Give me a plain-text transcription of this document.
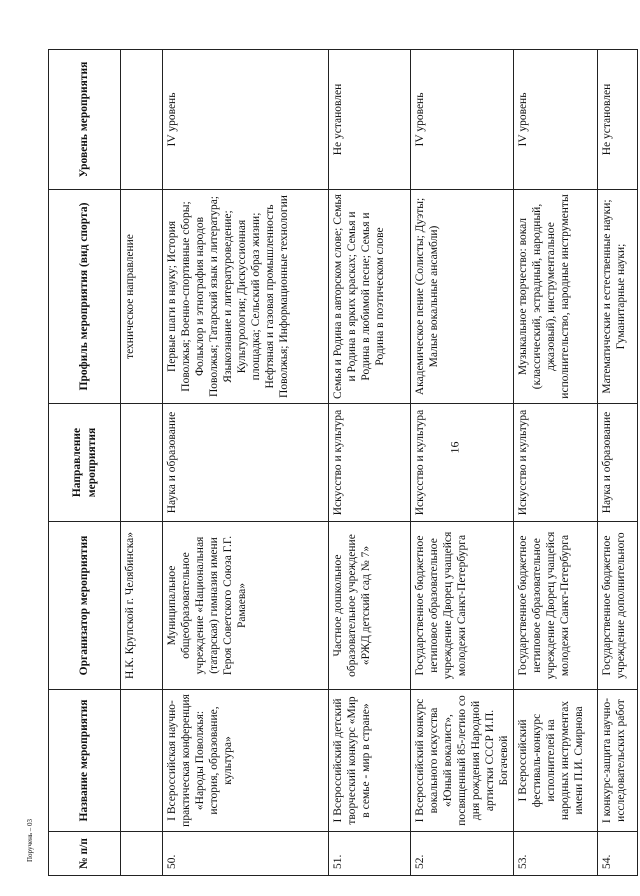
16
№ п/п	Название мероприятия	Организатор мероприятия	Направление мероприятия	Профиль мероприятия (вид спорта)	Уровень мероприятия
		Н.К. Крупской г. Челябинска»		техническое направление	
50.	I Всероссийская научно-практическая конференция «Народы Поволжья: история, образование, культура»	Муниципальное общеобразовательное учреждение «Национальная (татарская) гимназия имени Героя Советского Союза Г.Г. Рамаева»	Наука и образование	Первые шаги в науку; История Поволжья; Военно-спортивные сборы; Фольклор и этнография народов Поволжья; Татарский язык и литература; Языкознание и литературоведение; Культурология; Дискуссионная площадка; Сельский образ жизни; Нефтяная и газовая промышленность Поволжья; Информационные технологии	IV уровень
51.	I Всероссийский детский творческий конкурс «Мир в семье - мир в стране»	Частное дошкольное образовательное учреждение «РЖД детский сад № 7»	Искусство и культура	Семья и Родина в авторском слове; Семья и Родина в ярких красках; Семья и Родина в любимой песне; Семья и Родина в поэтическом слове	Не установлен
52.	I Всероссийский конкурс вокального искусства «Юный вокалист», посвященный 85-летию со дня рождения Народной артистки СССР И.П. Богачевой	Государственное бюджетное нетиповое образовательное учреждение Дворец учащейся молодежи Санкт-Петербурга	Искусство и культура	Академическое пение (Солисты; Дуэты; Малые вокальные ансамбли)	IV уровень
53.	I Всероссийский фестиваль-конкурс исполнителей на народных инструментах имени П.И. Смирнова	Государственное бюджетное нетиповое образовательное учреждение Дворец учащейся молодежи Санкт-Петербурга	Искусство и культура	Музыкальное творчество: вокал (классический, эстрадный, народный, джазовый), инструментальное исполнительство, народные инструменты	IV уровень
54.	I конкурс-защита научно-исследовательских работ	Государственное бюджетное учреждение дополнительного	Наука и образование	Математические и естественные науки; Гуманитарные науки;	Не установлен
Поручень – 03
